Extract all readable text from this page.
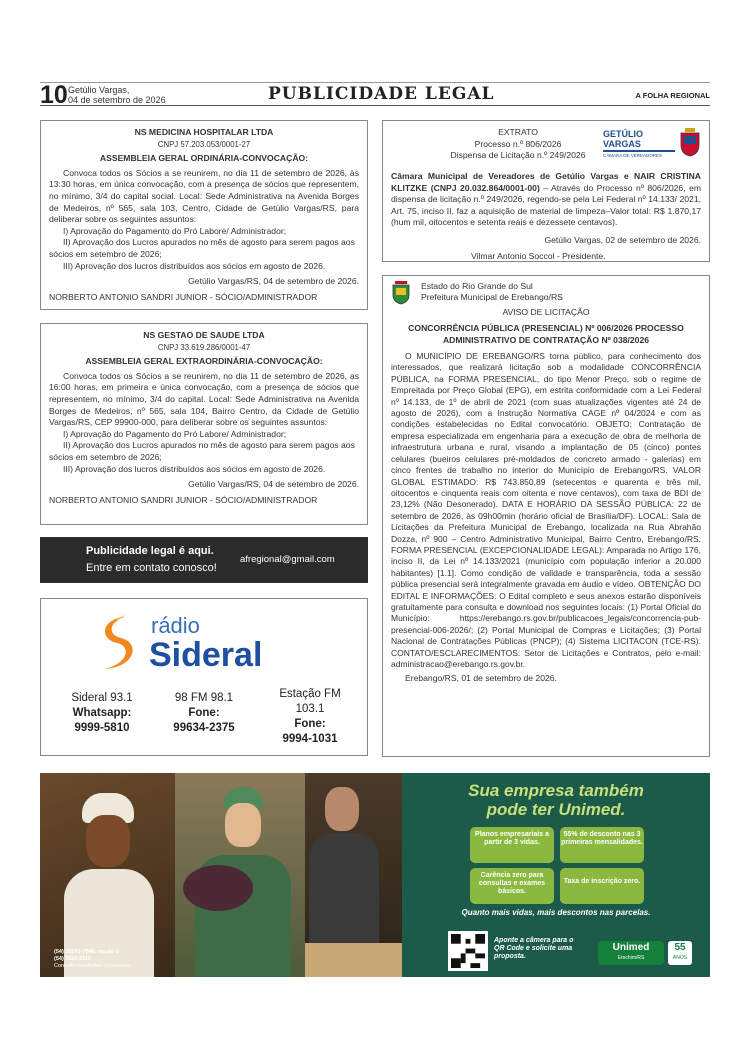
10 Getúlio Vargas,
04 de setembro de 2026	PUBLICIDADE LEGAL	A FOLHA REGIONAL

NS MEDICINA HOSPITALAR LTDA

CNPJ 57.203.053/0001-27

ASSEMBLEIA GERAL ORDINÁRIA-CONVOCAÇÃO:

Convoca todos os Sócios a se reunirem, no dia 11 de setembro de 2026, às 13:30 horas, em única convocação, com a presença de sócios que representem, no mínimo, 3/4 do capital social. Local: Sede Administrativa na Avenida Borges de Medeiros, nº 565, sala 103, Centro, Cidade de Getúlio Vargas/RS, para deliberar sobre os seguintes assuntos:

I) Aprovação do Pagamento do Pró Labore/ Administrador;

II) Aprovação dos Lucros apurados no mês de agosto para serem pagos aos sócios em setembro de 2026;

III) Aprovação dos lucros distribuídos aos sócios em agosto de 2026.

Getúlio Vargas/RS, 04 de setembro de 2026.

NORBERTO ANTONIO SANDRI JUNIOR - SÓCIO/ADMINISTRADOR

NS GESTAO DE SAUDE LTDA

CNPJ 33.619.286/0001-47

ASSEMBLEIA GERAL EXTRAORDINÁRIA-CONVOCAÇÃO:

Convoca todos os Sócios a se reunirem, no dia 11 de setembro de 2026, as 16:00 horas, em primeira e única convocação, com a presença de sócios que representem, no mínimo, 3/4 do capital. Local: Sede Administrativa na Avenida Borges de Medeiros, nº 565, sala 104, Bairro Centro, da Cidade de Getúlio Vargas/RS, CEP 99900-000, para deliberar sobre os seguintes assuntos:

I) Aprovação do Pagamento do Pró Labore/ Administrador;

II) Aprovação dos Lucros apurados no mês de agosto para serem pagos aos sócios em setembro de 2026;

III) Aprovação dos lucros distribuídos aos sócios em agosto de 2026.

Getúlio Vargas/RS, 04 de setembro de 2026.

NORBERTO ANTONIO SANDRI JUNIOR - SÓCIO/ADMINISTRADOR

Publicidade legal é aqui.
Entre em contato conosco!
afregional@gmail.com
rádio
Sideral
Sideral 93.1
Whatsapp:
9999-5810
98 FM 98.1
Fone:
99634-2375
Estação FM 103.1
Fone:
9994-1031

EXTRATO

Processo n.º 806/2026

Dispensa de Licitação n.º 249/2026

GETÚLIO VARGAS
CÂMARA DE VEREADORES

Câmara Municipal de Vereadores de Getúlio Vargas e NAIR CRISTINA KLITZKE (CNPJ 20.032.864/0001-00) – Através do Processo nº 806/2026, em dispensa de licitação n.º 249/2026, regendo-se pela Lei Federal nº 14.133/ 2021, Art. 75, inciso II, faz a aquisição de material de limpeza–Valor total: R$ 1.870,17 (hum mil, oitocentos e setenta reais e dezessete centavos).

Getúlio Vargas, 02 de setembro de 2026.

Vilmar Antonio Soccol - Presidente.

Estado do Rio Grande do Sul

Prefeitura Municipal de Erebango/RS

AVISO DE LICITAÇÃO

CONCORRÊNCIA PÚBLICA (PRESENCIAL) Nº 006/2026 PROCESSO ADMINISTRATIVO DE CONTRATAÇÃO Nº 038/2026

O MUNICÍPIO DE EREBANGO/RS torna público, para conhecimento dos interessados, que realizará licitação sob a modalidade CONCORRÊNCIA PÚBLICA, na FORMA PRESENCIAL, do tipo Menor Preço, sob o regime de Empreitada por Preço Global (EPG), em estrita conformidade com a Lei Federal nº 14.133, de 1º de abril de 2021 (com suas atualizações vigentes até 24 de agosto de 2026), com a Instrução Normativa CAGE nº 04/2024 e com as condições estabelecidas no Edital convocatório. OBJETO: Contratação de empresa especializada em engenharia para a execução de obra de melhoria de infraestrutura urbana e rural, visando a implantação de 05 (cinco) pontes celulares (bueiros celulares pré-moldados de concreto armado - galerias) em cinco frentes de trabalho no interior do Município de Erebango/RS. VALOR GLOBAL ESTIMADO: R$ 743.850,89 (setecentos e quarenta e três mil, oitocentos e cinquenta reais com oitenta e nove centavos), com taxa de BDI de 23,12% (Não Desonerado). DATA E HORÁRIO DA SESSÃO PÚBLICA: 22 de setembro de 2026, às 09h00min (horário oficial de Brasília/DF). LOCAL: Sala de Licitações da Prefeitura Municipal de Erebango, localizada na Rua Abrahão Dozza, nº 900 – Centro Administrativo Municipal, Bairro Centro, Erebango/RS. FORMA PRESENCIAL (EXCEPCIONALIDADE LEGAL): Amparada no Artigo 176, inciso II, da Lei nº 14.133/2021 (município com população inferior a 20.000 habitantes) [1.1]. Como condição de validade e transparência, toda a sessão pública presencial será integralmente gravada em áudio e vídeo. OBTENÇÃO DO EDITAL E INFORMAÇÕES: O Edital completo e seus anexos estarão disponíveis gratuitamente para consulta e download nos seguintes locais: (1) Portal Oficial do Município: https://erebango.rs.gov.br/publicacoes_legais/concorrencia-pub-presencial-006-2026/; (2) Portal Municipal de Compras e Licitações; (3) Portal Nacional de Contratações Públicas (PNCP); (4) Sistema LICITACON (TCE-RS). CONTATO/ESCLARECIMENTOS: Setor de Licitações e Contratos, pelo e-mail: administracao@erebango.rs.gov.br.

Erebango/RS, 01 de setembro de 2026.

Sua empresa também
pode ter Unimed.
Planos empresariais a partir de 3 vidas.
55% de desconto nas 3 primeiras mensalidades.
Carência zero para consultas e exames básicos.
Taxa de inscrição zero.
Quanto mais vidas, mais descontos nas parcelas.
Aponte a câmera para o QR Code e solicite uma proposta.
Unimed
Erechim/RS
55
ANOS
(54) 99241-7846, opção 3
(54) 3520.6110
Consulte condições comerciais.
